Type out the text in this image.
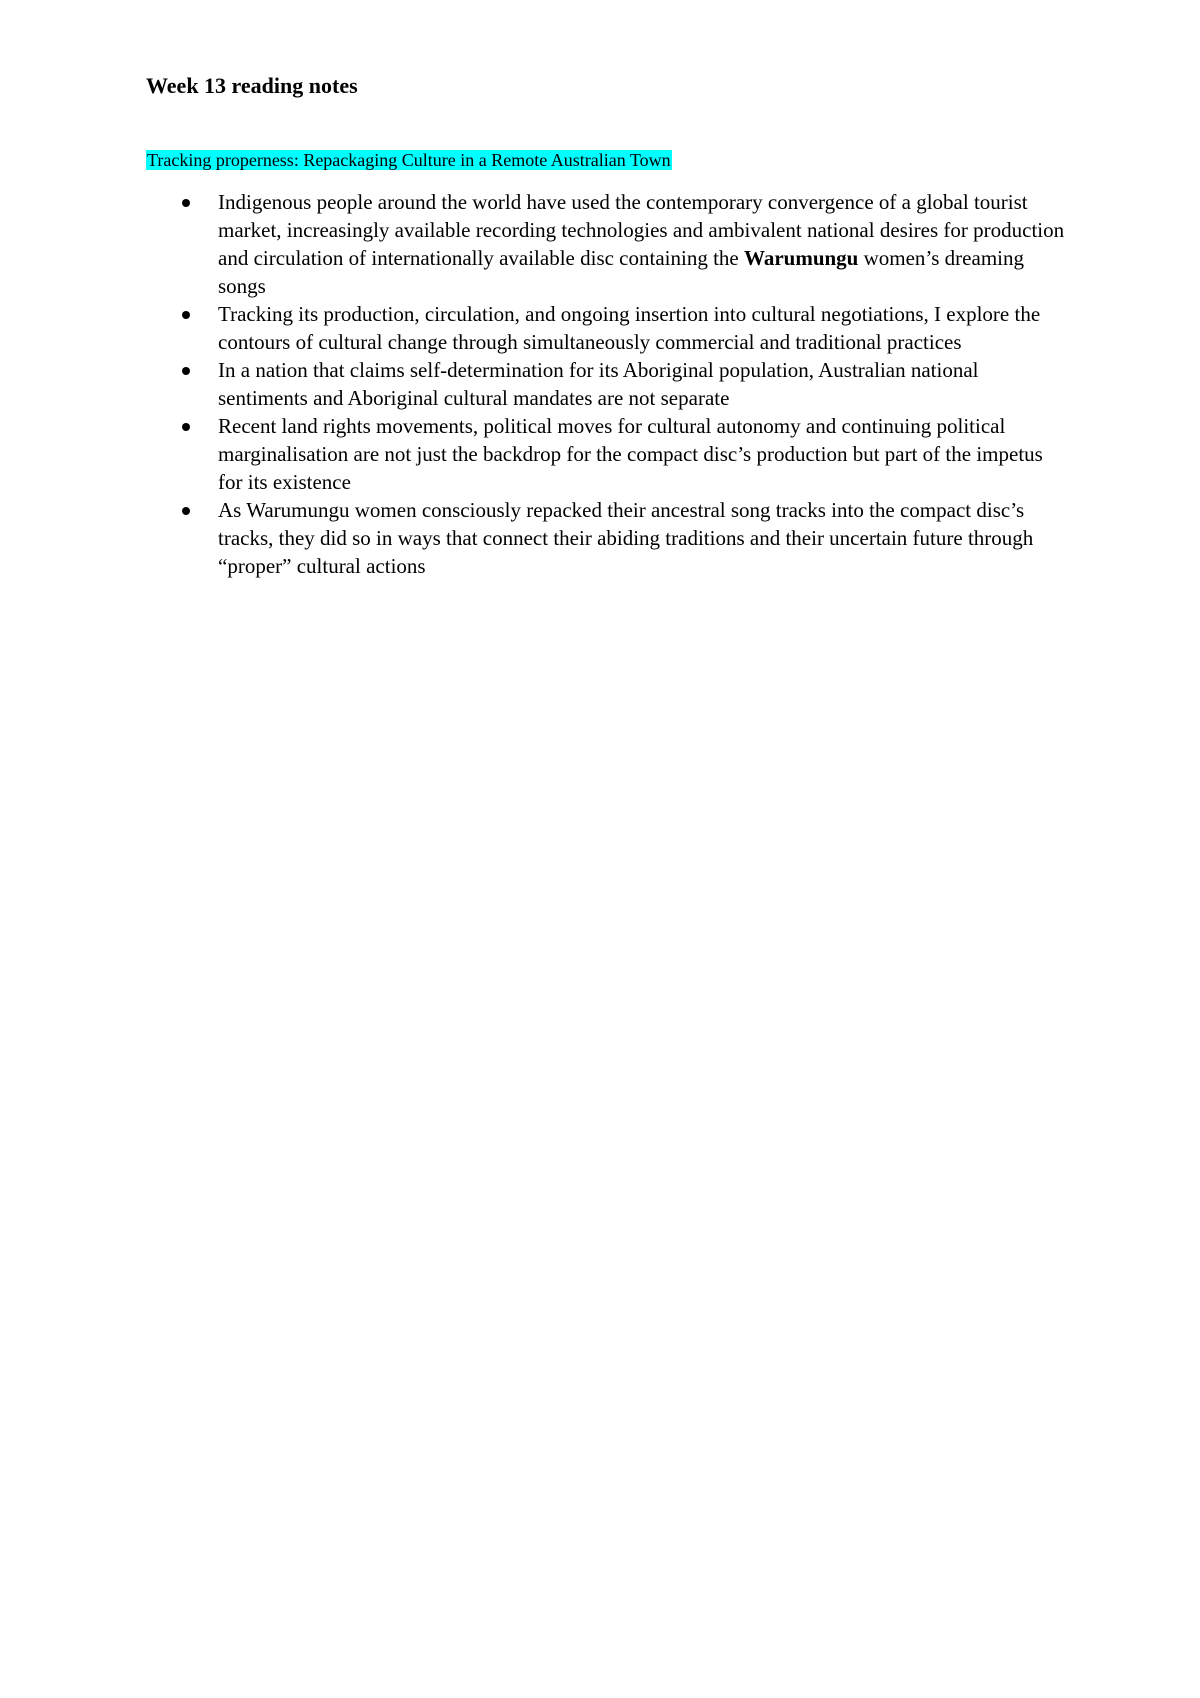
Week 13 reading notes

Tracking properness: Repackaging Culture in a Remote Australian Town

Indigenous people around the world have used the contemporary convergence of a global tourist market, increasingly available recording technologies and ambivalent national desires for production and circulation of internationally available disc containing the Warumungu women’s dreaming songs
Tracking its production, circulation, and ongoing insertion into cultural negotiations, I explore the contours of cultural change through simultaneously commercial and traditional practices
In a nation that claims self-determination for its Aboriginal population, Australian national sentiments and Aboriginal cultural mandates are not separate
Recent land rights movements, political moves for cultural autonomy and continuing political marginalisation are not just the backdrop for the compact disc’s production but part of the impetus for its existence
As Warumungu women consciously repacked their ancestral song tracks into the compact disc’s tracks, they did so in ways that connect their abiding traditions and their uncertain future through “proper” cultural actions
